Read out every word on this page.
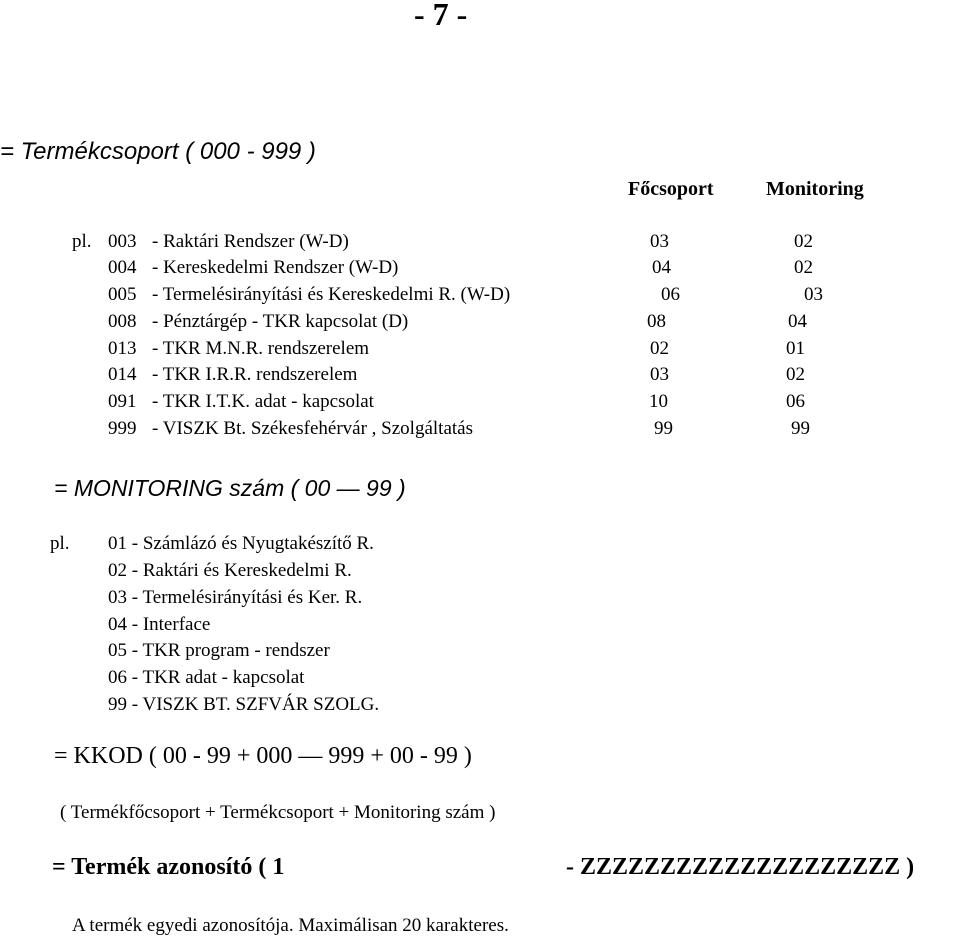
- 7 -
= Termékcsoport ( 000 - 999 )
Főcsoport	Monitoring
pl. 003 - Raktári Rendszer (W-D)	03	02
004 - Kereskedelmi Rendszer (W-D)	04	02
005 - Termelésirányítási és Kereskedelmi R. (W-D)	06	03
008 - Pénztárgép - TKR kapcsolat (D)	08	04
013 - TKR M.N.R. rendszerelem	02	01
014 - TKR I.R.R. rendszerelem	03	02
091 - TKR I.T.K. adat - kapcsolat	10	06
999 - VISZK Bt. Székesfehérvár , Szolgáltatás	99	99
= MONITORING szám ( 00 — 99 )
pl. 01 - Számlázó és Nyugtakészítő R.
02 - Raktári és Kereskedelmi R.
03 - Termelésirányítási és Ker. R.
04 - Interface
05 - TKR program - rendszer
06 - TKR adat - kapcsolat
99 - VISZK BT. SZFVÁR SZOLG.
= KKOD ( 00 - 99 + 000 — 999 + 00 - 99 )
( Termékfőcsoport + Termékcsoport + Monitoring szám )
= Termék azonosító ( 1	- ZZZZZZZZZZZZZZZZZZZZ )
A termék egyedi azonosítója. Maximálisan 20 karakteres.
